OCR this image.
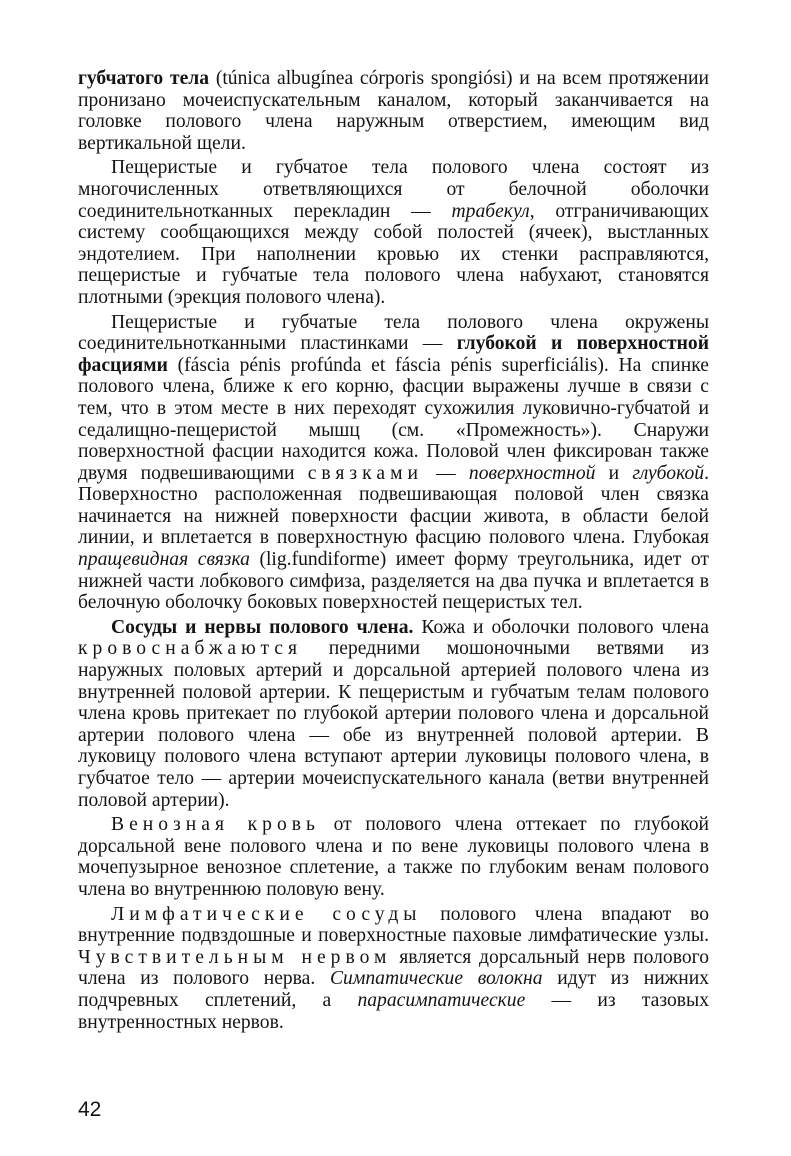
губчатого тела (túnica albugínea córporis spongiósi) и на всем протяжении пронизано мочеиспускательным каналом, который заканчивается на головке полового члена наружным отверстием, имеющим вид вертикальной щели.

Пещеристые и губчатое тела полового члена состоят из многочисленных ответвляющихся от белочной оболочки соединительнотканных перекладин — трабекул, отграничивающих систему сообщающихся между собой полостей (ячеек), выстланных эндотелием. При наполнении кровью их стенки расправляются, пещеристые и губчатые тела полового члена набухают, становятся плотными (эрекция полового члена).

Пещеристые и губчатые тела полового члена окружены соединительнотканными пластинками — глубокой и поверхностной фасциями (fáscia pénis profúnda et fáscia pénis superficiális). На спинке полового члена, ближе к его корню, фасции выражены лучше в связи с тем, что в этом месте в них переходят сухожилия луковично-губчатой и седалищно-пещеристой мышц (см. «Промежность»). Снаружи поверхностной фасции находится кожа. Половой член фиксирован также двумя подвешивающими связками — поверхностной и глубокой. Поверхностно расположенная подвешивающая половой член связка начинается на нижней поверхности фасции живота, в области белой линии, и вплетается в поверхностную фасцию полового члена. Глубокая пращевидная связка (lig.fundiforme) имеет форму треугольника, идет от нижней части лобкового симфиза, разделяется на два пучка и вплетается в белочную оболочку боковых поверхностей пещеристых тел.

Сосуды и нервы полового члена. Кожа и оболочки полового члена кровоснабжаются передними мошоночными ветвями из наружных половых артерий и дорсальной артерией полового члена из внутренней половой артерии. К пещеристым и губчатым телам полового члена кровь притекает по глубокой артерии полового члена и дорсальной артерии полового члена — обе из внутренней половой артерии. В луковицу полового члена вступают артерии луковицы полового члена, в губчатое тело — артерии мочеиспускательного канала (ветви внутренней половой артерии).

Венозная кровь от полового члена оттекает по глубокой дорсальной вене полового члена и по вене луковицы полового члена в мочепузырное венозное сплетение, а также по глубоким венам полового члена во внутреннюю половую вену.

Лимфатические сосуды полового члена впадают во внутренние подвздошные и поверхностные паховые лимфатические узлы. Чувствительным нервом является дорсальный нерв полового члена из полового нерва. Симпатические волокна идут из нижних подчревных сплетений, а парасимпатические — из тазовых внутренностных нервов.

42
